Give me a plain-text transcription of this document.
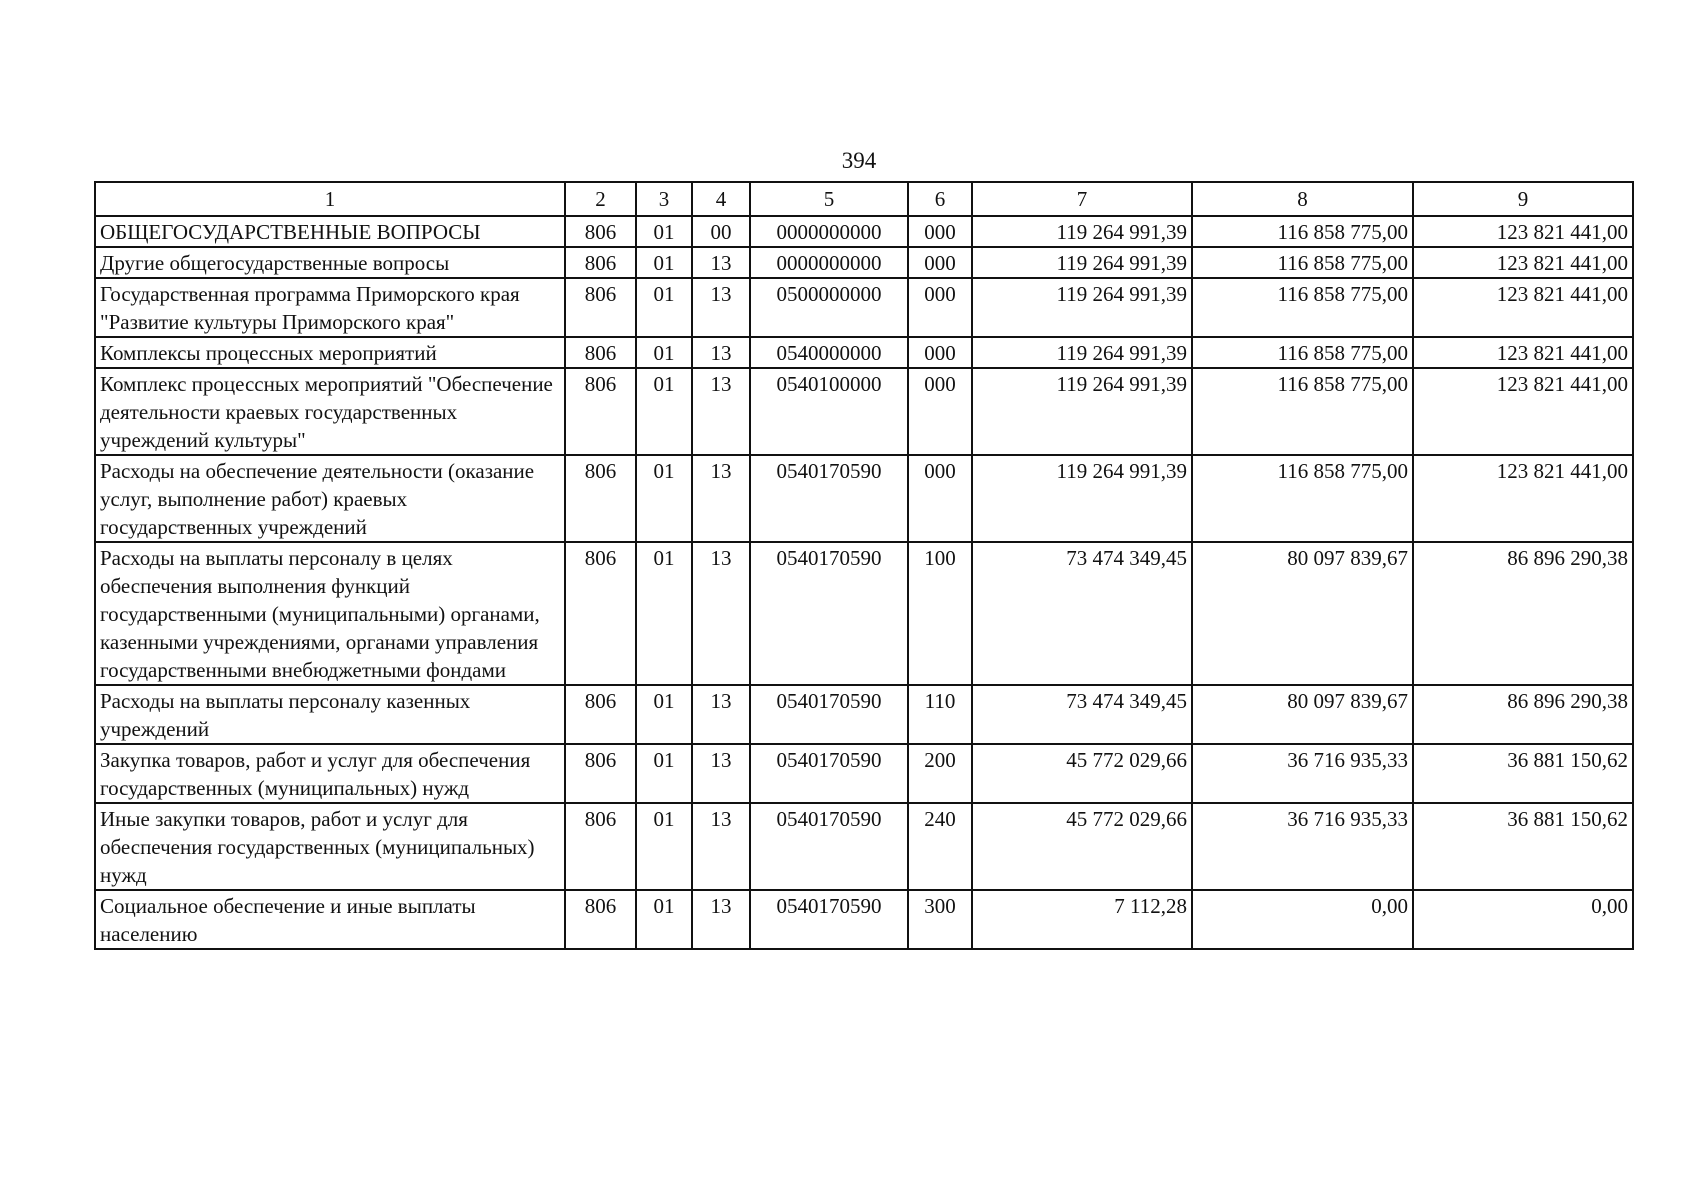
394
1	2	3	4	5	6	7	8	9
ОБЩЕГОСУДАРСТВЕННЫЕ ВОПРОСЫ	806	01	00	0000000000	000	119 264 991,39	116 858 775,00	123 821 441,00
Другие общегосударственные вопросы	806	01	13	0000000000	000	119 264 991,39	116 858 775,00	123 821 441,00
Государственная программа Приморского края "Развитие культуры Приморского края"	806	01	13	0500000000	000	119 264 991,39	116 858 775,00	123 821 441,00
Комплексы процессных мероприятий	806	01	13	0540000000	000	119 264 991,39	116 858 775,00	123 821 441,00
Комплекс процессных мероприятий "Обеспечение деятельности краевых государственных учреждений культуры"	806	01	13	0540100000	000	119 264 991,39	116 858 775,00	123 821 441,00
Расходы на обеспечение деятельности (оказание услуг, выполнение работ) краевых государственных учреждений	806	01	13	0540170590	000	119 264 991,39	116 858 775,00	123 821 441,00
Расходы на выплаты персоналу в целях обеспечения выполнения функций государственными (муниципальными) органами, казенными учреждениями, органами управления государственными внебюджетными фондами	806	01	13	0540170590	100	73 474 349,45	80 097 839,67	86 896 290,38
Расходы на выплаты персоналу казенных учреждений	806	01	13	0540170590	110	73 474 349,45	80 097 839,67	86 896 290,38
Закупка товаров, работ и услуг для обеспечения государственных (муниципальных) нужд	806	01	13	0540170590	200	45 772 029,66	36 716 935,33	36 881 150,62
Иные закупки товаров, работ и услуг для обеспечения государственных (муниципальных) нужд	806	01	13	0540170590	240	45 772 029,66	36 716 935,33	36 881 150,62
Социальное обеспечение и иные выплаты населению	806	01	13	0540170590	300	7 112,28	0,00	0,00
